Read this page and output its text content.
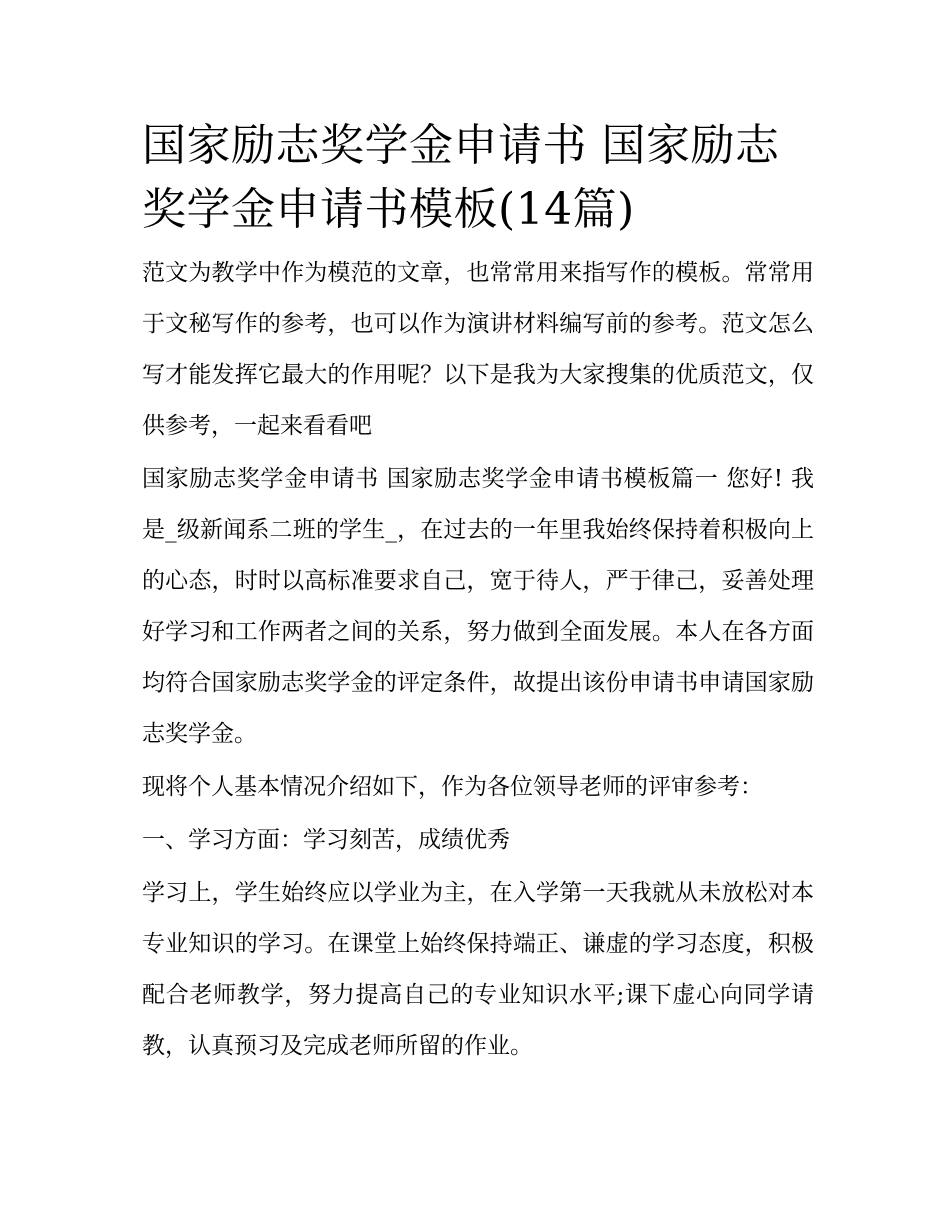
国家励志奖学金申请书 国家励志奖学金申请书模板(14篇)

范文为教学中作为模范的文章，也常常用来指写作的模板。常常用于文秘写作的参考，也可以作为演讲材料编写前的参考。范文怎么写才能发挥它最大的作用呢？以下是我为大家搜集的优质范文，仅供参考，一起来看看吧

国家励志奖学金申请书 国家励志奖学金申请书模板篇一 您好! 我是_级新闻系二班的学生_，在过去的一年里我始终保持着积极向上的心态，时时以高标准要求自己，宽于待人，严于律己，妥善处理好学习和工作两者之间的关系，努力做到全面发展。本人在各方面均符合国家励志奖学金的评定条件，故提出该份申请书申请国家励志奖学金。

现将个人基本情况介绍如下，作为各位领导老师的评审参考：

一、学习方面：学习刻苦，成绩优秀

学习上，学生始终应以学业为主，在入学第一天我就从未放松对本专业知识的学习。在课堂上始终保持端正、谦虚的学习态度，积极配合老师教学，努力提高自己的专业知识水平;课下虚心向同学请教，认真预习及完成老师所留的作业。
